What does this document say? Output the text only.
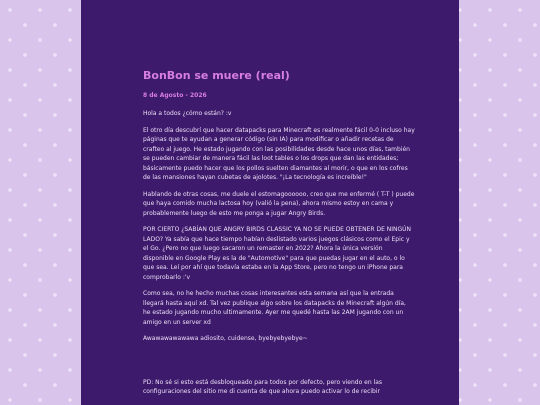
BonBon se muere (real)
8 de Agosto - 2026

Hola a todos ¿cómo están? :v

El otro día descubrí que hacer datapacks para Minecraft es realmente fácil 0-0 incluso hay páginas que te ayudan a generar código (sin IA) para modificar o añadir recetas de crafteo al juego. He estado jugando con las posibilidades desde hace unos días, también se pueden cambiar de manera fácil las loot tables o los drops que dan las entidades; básicamente puedo hacer que los pollos suelten diamantes al morir, o que en los cofres de las mansiones hayan cubetas de ajolotes. "¡La tecnología es increíble!"

Hablando de otras cosas, me duele el estomagoooooo, creo que me enfermé ( T-T ) puede que haya comido mucha lactosa hoy (valió la pena), ahora mismo estoy en cama y probablemente luego de esto me ponga a jugar Angry Birds.

POR CIERTO ¿SABÍAN QUE ANGRY BIRDS CLASSIC YA NO SE PUEDE OBTENER DE NINGÚN LADO? Ya sabía que hace tiempo habían deslistado varios juegos clásicos como el Epic y el Go. ¿Pero no que luego sacaron un remaster en 2022? Ahora la única versión disponible en Google Play es la de "Automotive" para que puedas jugar en el auto, o lo que sea. Leí por ahí que todavía estaba en la App Store, pero no tengo un iPhone para comprobarlo :'v

Como sea, no he hecho muchas cosas interesantes esta semana así que la entrada llegará hasta aquí xd. Tal vez publique algo sobre los datapacks de Minecraft algún día, he estado jugando mucho ultimamente. Ayer me quedé hasta las 2AM jugando con un amigo en un server xd

Awawawawawawa adiosito, cuidense, byebyebyebye~

PD: No sé si esto está desbloqueado para todos por defecto, pero viendo en las configuraciones del sitio me di cuenta de que ahora puedo activar lo de recibir
